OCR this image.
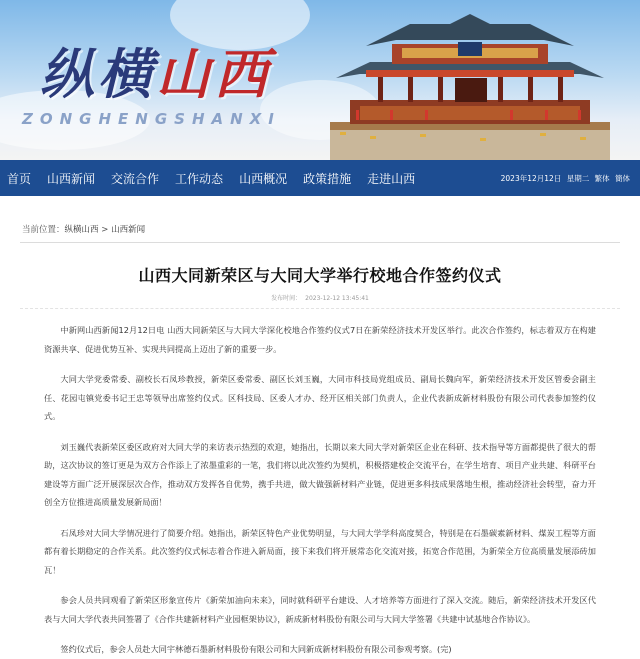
纵横山西
ZONGHENGSHANXI
首页	山西新闻	交流合作	工作动态	山西概况	政策措施	走进山西	2023年12月12日 星期二 繁体 簡体
当前位置：纵横山西 > 山西新闻
山西大同新荣区与大同大学举行校地合作签约仪式
发布时间： 2023-12-12 13:45:41

中新网山西新闻12月12日电 山西大同新荣区与大同大学深化校地合作签约仪式7日在新荣经济技术开发区举行。此次合作签约，标志着双方在构建资源共享、促进优势互补、实现共同提高上迈出了新的重要一步。

大同大学党委常委、副校长石凤珍教授，新荣区委常委、副区长刘玉巍，大同市科技局党组成员、副局长魏向军，新荣经济技术开发区管委会副主任、花园屯镇党委书记王忠等领导出席签约仪式。区科技局、区委人才办、经开区相关部门负责人，企业代表新成新材料股份有限公司代表参加签约仪式。

刘玉巍代表新荣区委区政府对大同大学的来访表示热烈的欢迎，她指出，长期以来大同大学对新荣区企业在科研、技术指导等方面都提供了很大的帮助，这次协议的签订更是为双方合作添上了浓墨重彩的一笔，我们将以此次签约为契机，积极搭建校企交流平台，在学生培育、项目产业共建、科研平台建设等方面广泛开展深层次合作，推动双方发挥各自优势，携手共进，做大做强新材料产业链，促进更多科技成果落地生根，推动经济社会转型，奋力开创全方位推进高质量发展新局面！

石凤珍对大同大学情况进行了简要介绍。她指出，新荣区特色产业优势明显，与大同大学学科高度契合，特别是在石墨碳素新材料、煤炭工程等方面都有着长期稳定的合作关系。此次签约仪式标志着合作进入新局面，接下来我们将开展常态化交流对接，拓宽合作范围，为新荣全方位高质量发展添砖加瓦！

参会人员共同观看了新荣区形象宣传片《新荣加油向未来》，同时就科研平台建设、人才培养等方面进行了深入交流。随后，新荣经济技术开发区代表与大同大学代表共同签署了《合作共建新材料产业园框架协议》，新成新材料股份有限公司与大同大学签署《共建中试基地合作协议》。

签约仪式后，参会人员赴大同宇林德石墨新材料股份有限公司和大同新成新材料股份有限公司参观考察。(完)
